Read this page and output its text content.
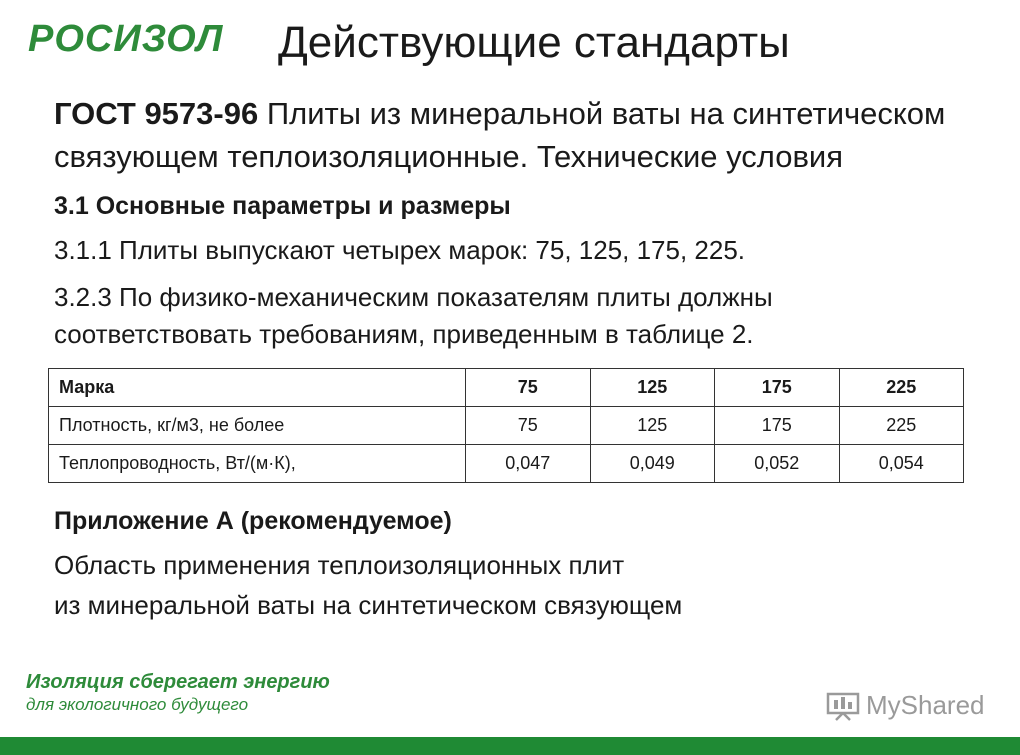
РОСИЗОЛ Действующие стандарты

ГОСТ 9573-96 Плиты из минеральной ваты на синтетическом связующем теплоизоляционные. Технические условия

3.1 Основные параметры и размеры

3.1.1 Плиты выпускают четырех марок: 75, 125, 175, 225.

3.2.3 По физико-механическим показателям плиты должны соответствовать требованиям, приведенным в таблице 2.

Марка	75	125	175	225
Плотность, кг/м3, не более	75	125	175	225
Теплопроводность, Вт/(м·К),	0,047	0,049	0,052	0,054

Приложение А (рекомендуемое)

Область применения теплоизоляционных плит
из минеральной ваты на синтетическом связующем

Изоляция сберегает энергию
для экологичного будущего	MyShared
